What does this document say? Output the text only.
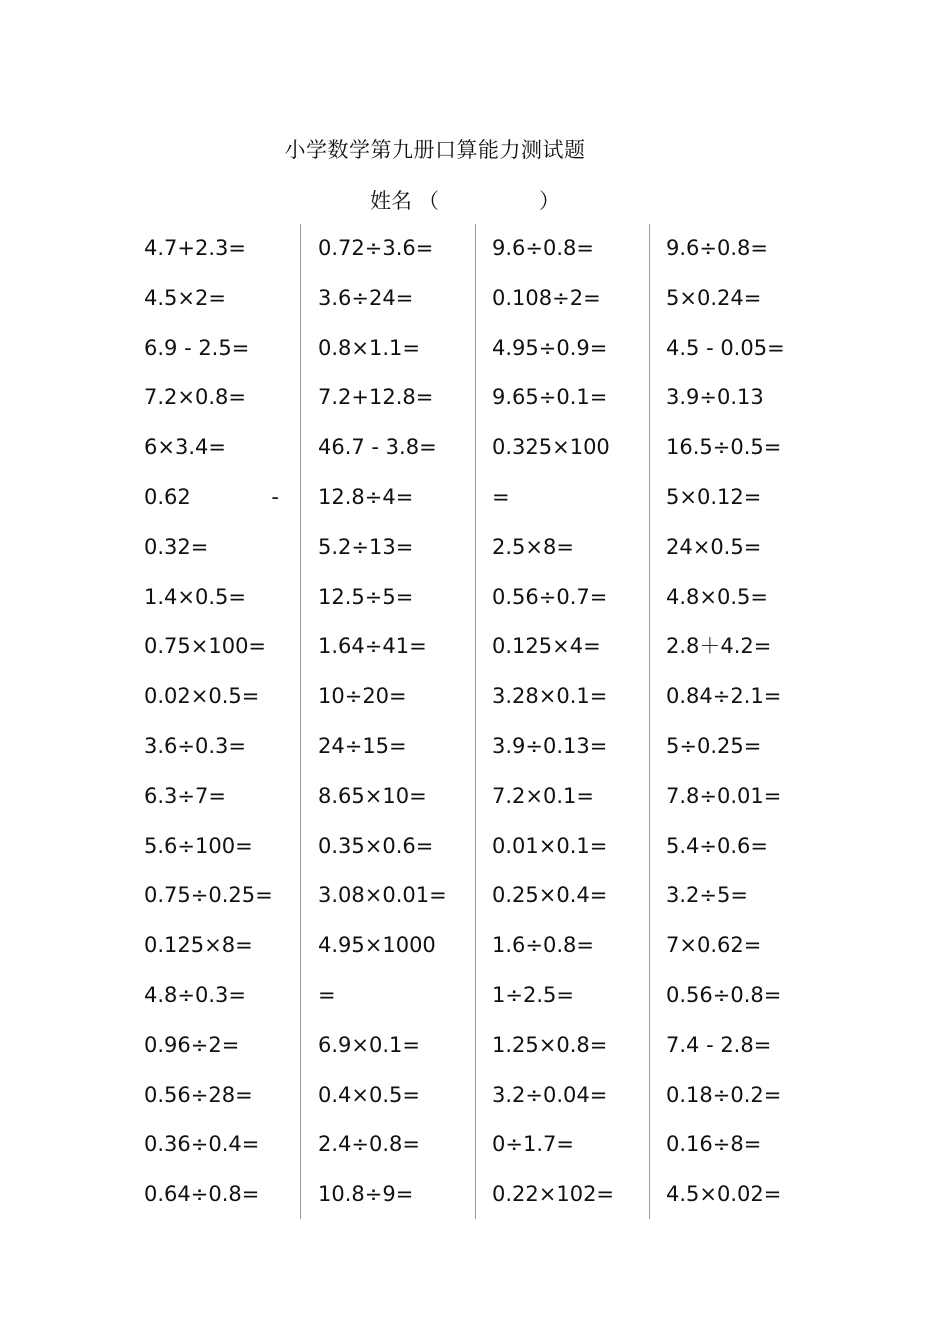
小学数学第九册口算能力测试题
姓名 （	）
4.7+2.3=
4.5×2=
6.9 - 2.5=
7.2×0.8=
6×3.4=
0.62	-
0.32=
1.4×0.5=
0.75×100=
0.02×0.5=
3.6÷0.3=
6.3÷7=
5.6÷100=
0.75÷0.25=
0.125×8=
4.8÷0.3=
0.96÷2=
0.56÷28=
0.36÷0.4=
0.64÷0.8=
0.72÷3.6=
3.6÷24=
0.8×1.1=
7.2+12.8=
46.7 - 3.8=
12.8÷4=
5.2÷13=
12.5÷5=
1.64÷41=
10÷20=
24÷15=
8.65×10=
0.35×0.6=
3.08×0.01=
4.95×1000
=
6.9×0.1=
0.4×0.5=
2.4÷0.8=
10.8÷9=
9.6÷0.8=
0.108÷2=
4.95÷0.9=
9.65÷0.1=
0.325×100
=
2.5×8=
0.56÷0.7=
0.125×4=
3.28×0.1=
3.9÷0.13=
7.2×0.1=
0.01×0.1=
0.25×0.4=
1.6÷0.8=
1÷2.5=
1.25×0.8=
3.2÷0.04=
0÷1.7=
0.22×102=
9.6÷0.8=
5×0.24=
4.5 - 0.05=
3.9÷0.13
16.5÷0.5=
5×0.12=
24×0.5=
4.8×0.5=
2.8＋4.2=
0.84÷2.1=
5÷0.25=
7.8÷0.01=
5.4÷0.6=
3.2÷5=
7×0.62=
0.56÷0.8=
7.4 - 2.8=
0.18÷0.2=
0.16÷8=
4.5×0.02=
